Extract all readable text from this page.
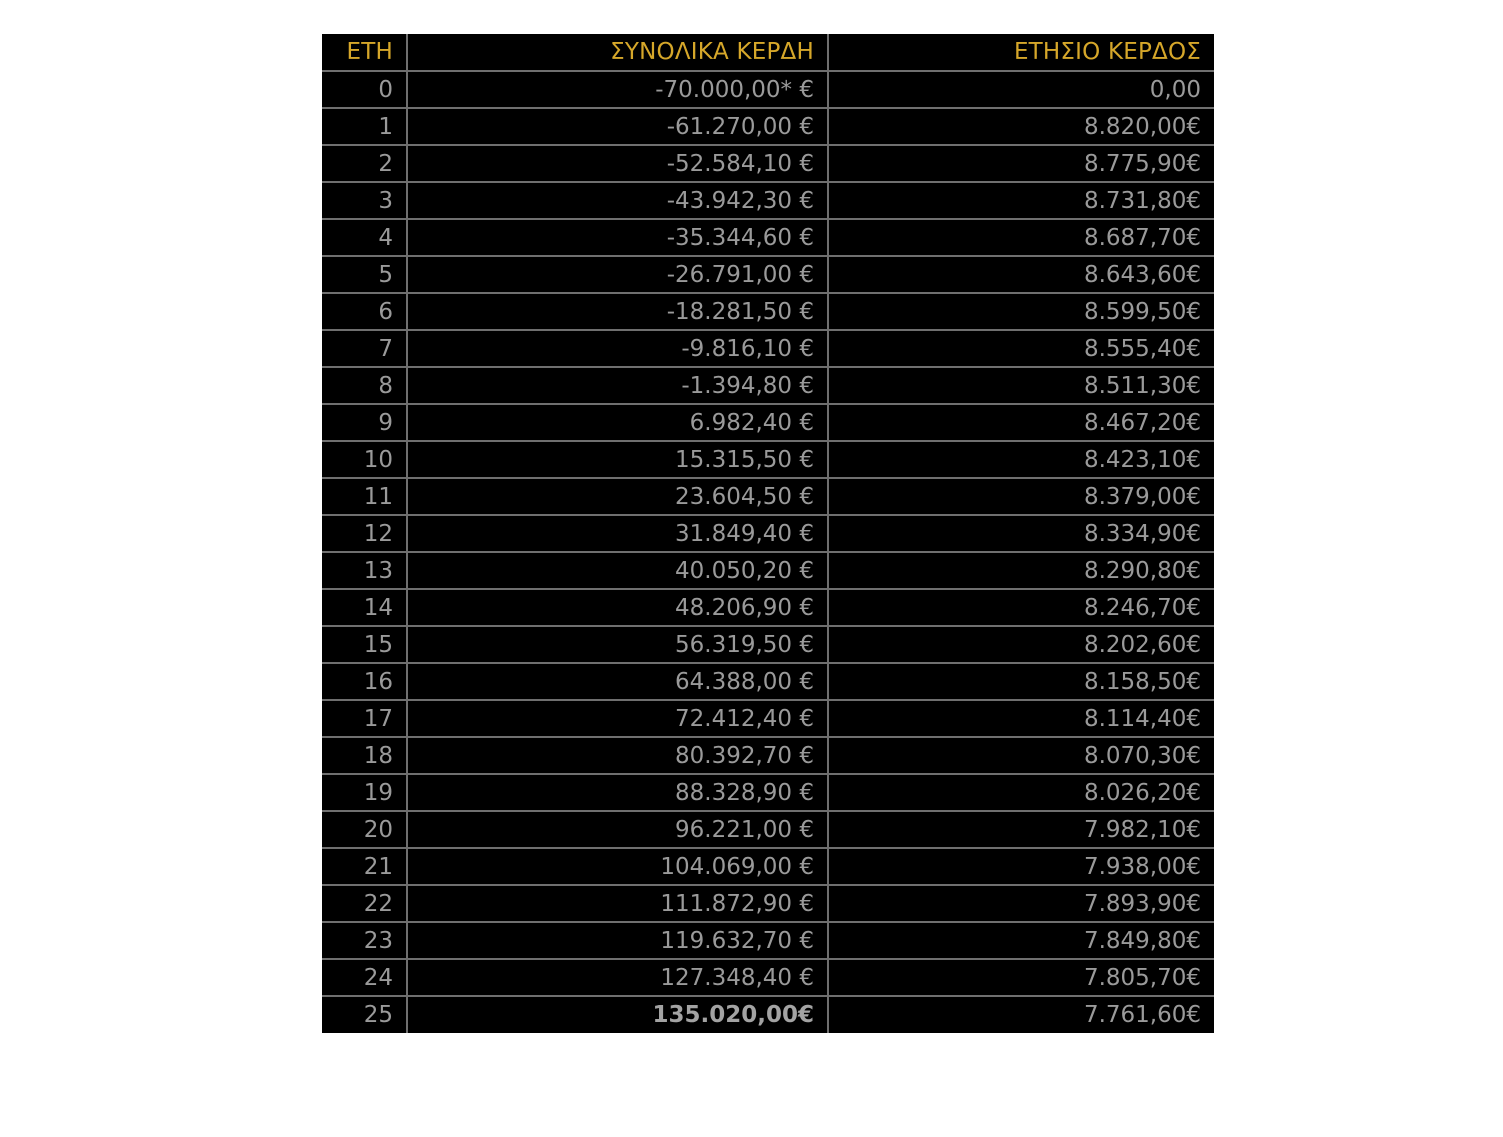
ΕΤΗ	ΣΥΝΟΛΙΚΑ ΚΕΡΔΗ	ΕΤΗΣΙΟ ΚΕΡΔΟΣ
0	-70.000,00* €	0,00
1	-61.270,00 €	8.820,00€
2	-52.584,10 €	8.775,90€
3	-43.942,30 €	8.731,80€
4	-35.344,60 €	8.687,70€
5	-26.791,00 €	8.643,60€
6	-18.281,50 €	8.599,50€
7	-9.816,10 €	8.555,40€
8	-1.394,80 €	8.511,30€
9	6.982,40 €	8.467,20€
10	15.315,50 €	8.423,10€
11	23.604,50 €	8.379,00€
12	31.849,40 €	8.334,90€
13	40.050,20 €	8.290,80€
14	48.206,90 €	8.246,70€
15	56.319,50 €	8.202,60€
16	64.388,00 €	8.158,50€
17	72.412,40 €	8.114,40€
18	80.392,70 €	8.070,30€
19	88.328,90 €	8.026,20€
20	96.221,00 €	7.982,10€
21	104.069,00 €	7.938,00€
22	111.872,90 €	7.893,90€
23	119.632,70 €	7.849,80€
24	127.348,40 €	7.805,70€
25	135.020,00€	7.761,60€
